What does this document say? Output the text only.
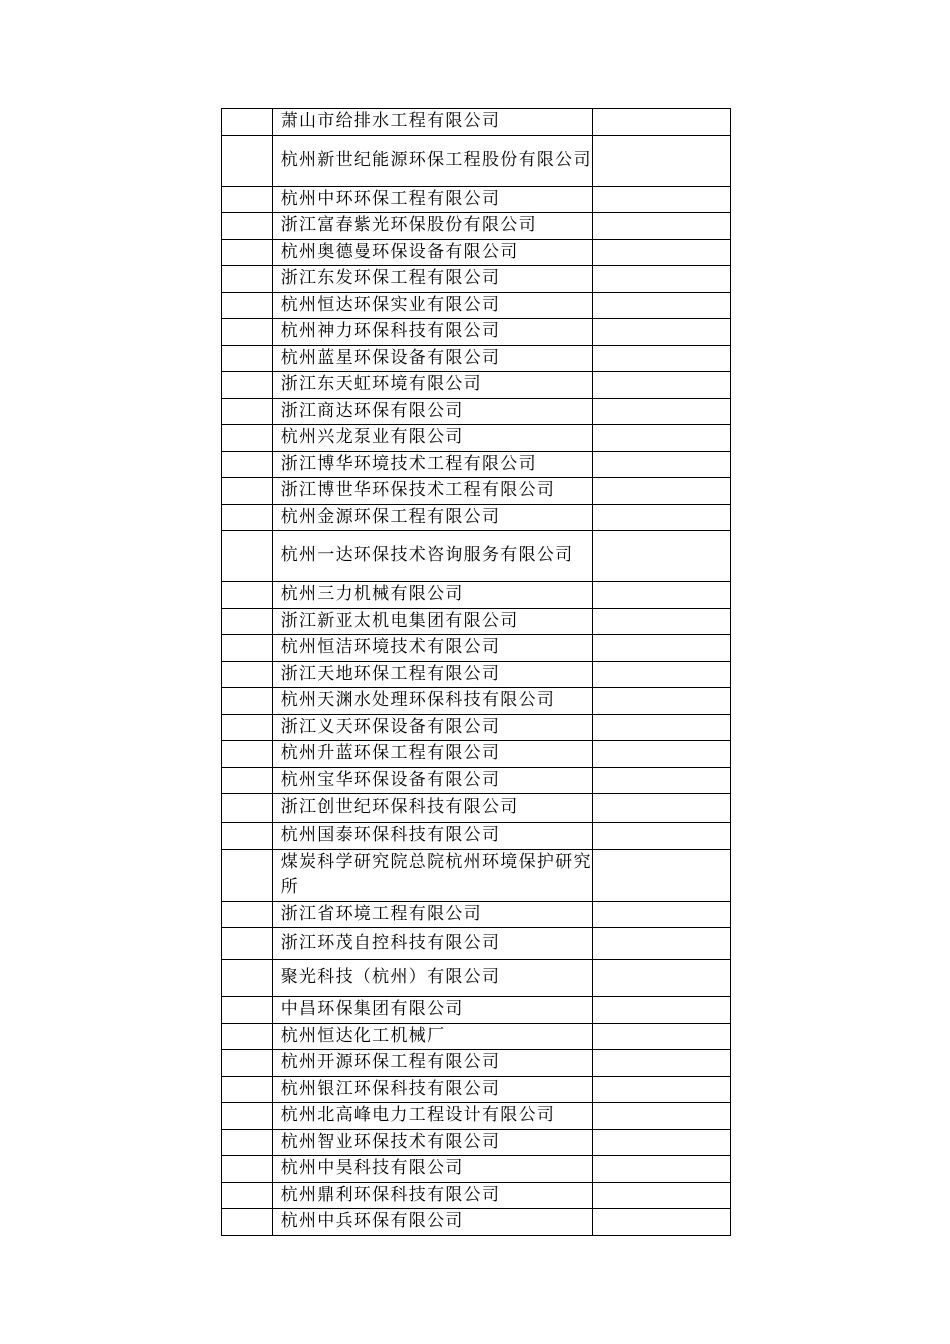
	萧山市给排水工程有限公司	
	杭州新世纪能源环保工程股份有限公司	
	杭州中环环保工程有限公司	
	浙江富春紫光环保股份有限公司	
	杭州奥德曼环保设备有限公司	
	浙江东发环保工程有限公司	
	杭州恒达环保实业有限公司	
	杭州神力环保科技有限公司	
	杭州蓝星环保设备有限公司	
	浙江东天虹环境有限公司	
	浙江商达环保有限公司	
	杭州兴龙泵业有限公司	
	浙江博华环境技术工程有限公司	
	浙江博世华环保技术工程有限公司	
	杭州金源环保工程有限公司	
	杭州一达环保技术咨询服务有限公司	
	杭州三力机械有限公司	
	浙江新亚太机电集团有限公司	
	杭州恒洁环境技术有限公司	
	浙江天地环保工程有限公司	
	杭州天渊水处理环保科技有限公司	
	浙江义天环保设备有限公司	
	杭州升蓝环保工程有限公司	
	杭州宝华环保设备有限公司	
	浙江创世纪环保科技有限公司	
	杭州国泰环保科技有限公司	
	煤炭科学研究院总院杭州环境保护研究所	
	浙江省环境工程有限公司	
	浙江环茂自控科技有限公司	
	聚光科技（杭州）有限公司	
	中昌环保集团有限公司	
	杭州恒达化工机械厂	
	杭州开源环保工程有限公司	
	杭州银江环保科技有限公司	
	杭州北高峰电力工程设计有限公司	
	杭州智业环保技术有限公司	
	杭州中昊科技有限公司	
	杭州鼎利环保科技有限公司	
	杭州中兵环保有限公司	
